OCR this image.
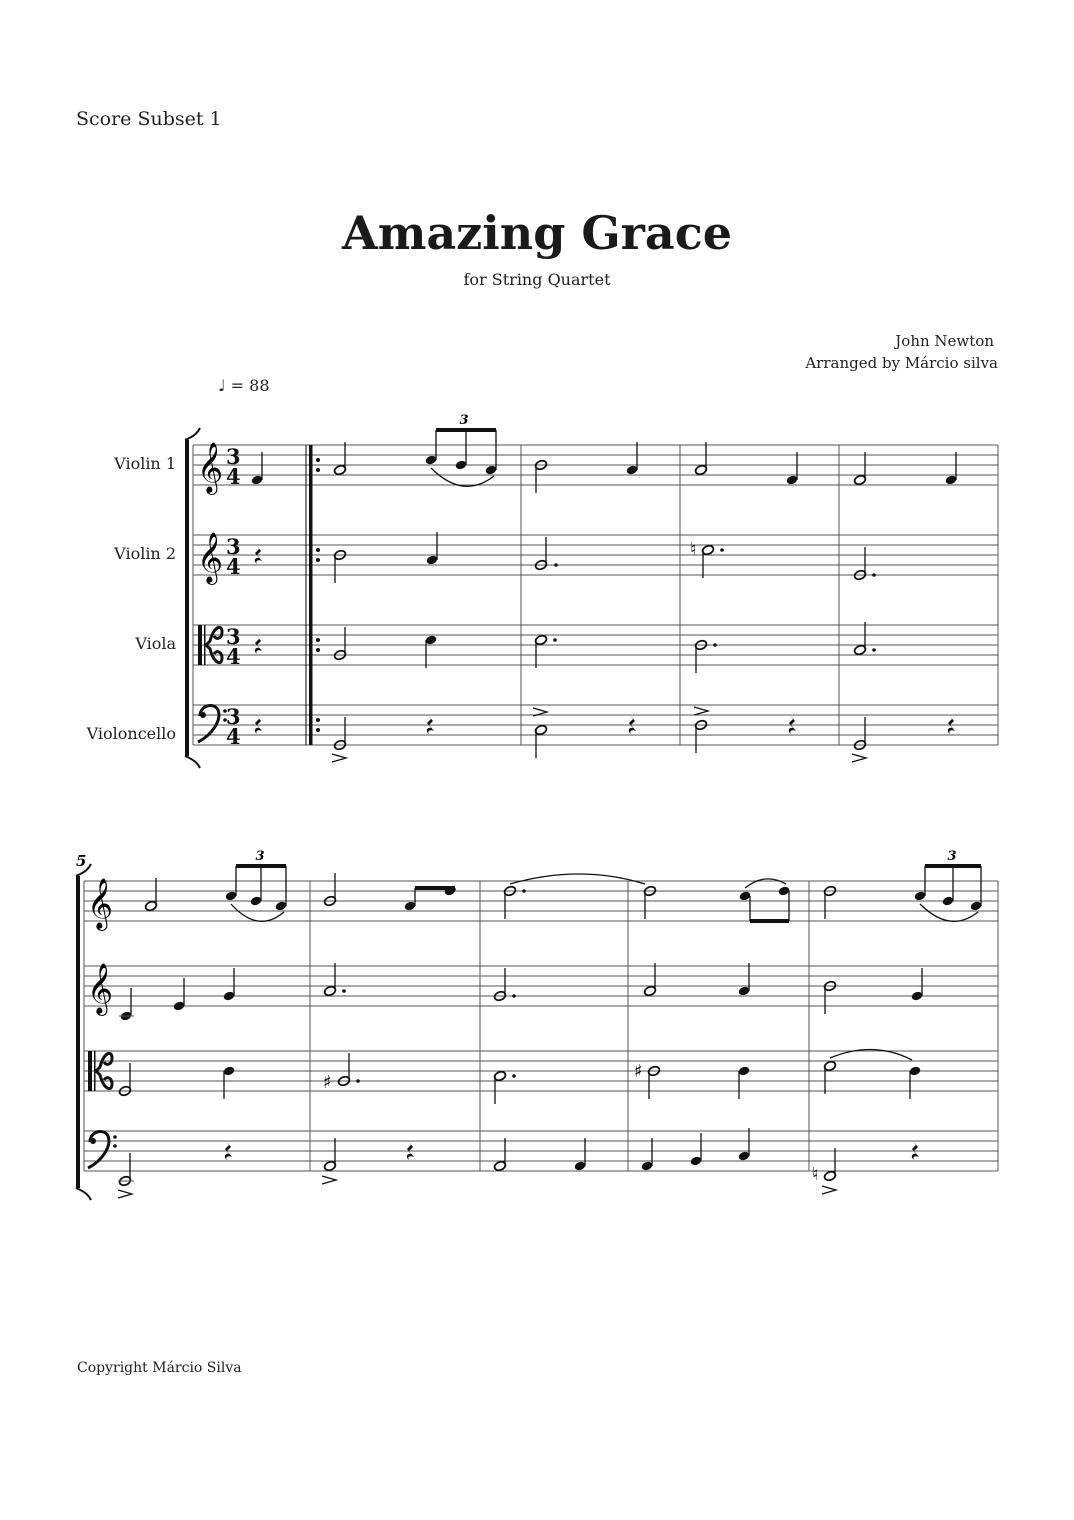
Score Subset 1
Amazing Grace
for String Quartet
John Newton
Arranged by Márcio silva
♩ = 88
Violin 1
Violin 2
Viola
Violoncello
𝄞
𝄞
3
4
3
4
3
4
3
4
3
♮
5
𝄞
𝄞
3	3
♯
♯
♮
Copyright Márcio Silva
